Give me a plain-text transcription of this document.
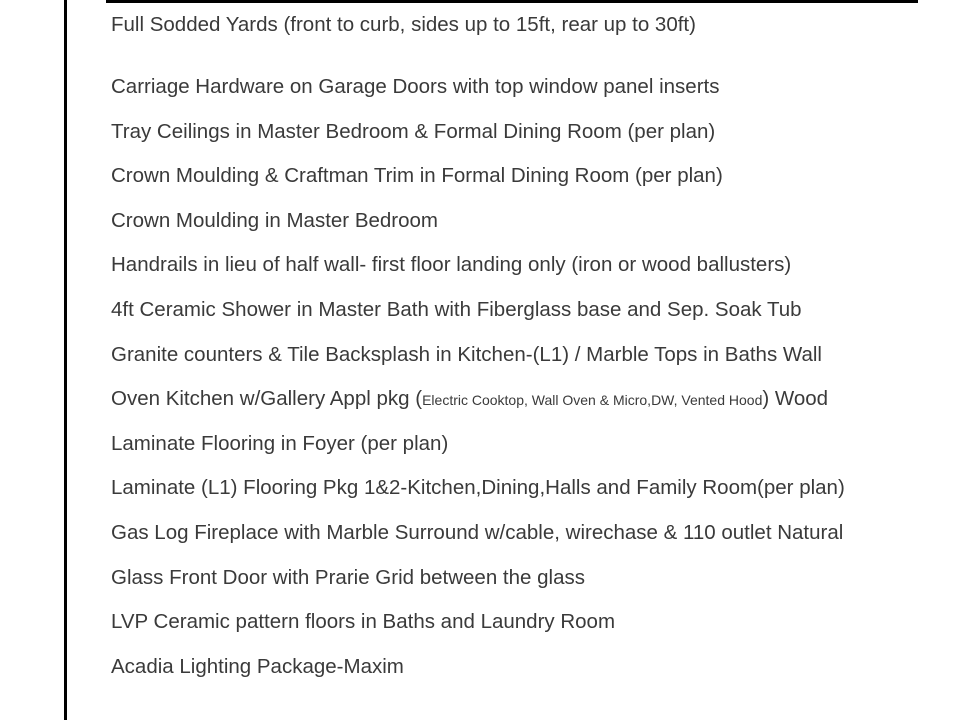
Full Sodded Yards (front to curb, sides up to 15ft, rear up to 30ft)
Carriage Hardware on Garage Doors with top window panel inserts
Tray Ceilings in Master Bedroom & Formal Dining Room (per plan)
Crown Moulding & Craftman Trim in Formal Dining Room (per plan)
Crown Moulding in Master Bedroom
Handrails in lieu of half wall- first floor landing only (iron or wood ballusters)
4ft Ceramic Shower in Master Bath with Fiberglass base and Sep. Soak Tub
Granite counters & Tile Backsplash in Kitchen-(L1) / Marble Tops in Baths Wall
Oven Kitchen w/Gallery Appl pkg (Electric Cooktop, Wall Oven & Micro,DW, Vented Hood) Wood
Laminate Flooring in Foyer (per plan)
Laminate (L1) Flooring Pkg 1&2-Kitchen,Dining,Halls and Family Room(per plan)
Gas Log Fireplace with Marble Surround w/cable, wirechase & 110 outlet Natural
Glass Front Door with Prarie Grid between the glass
LVP Ceramic pattern floors in Baths and Laundry Room
Acadia Lighting Package-Maxim
